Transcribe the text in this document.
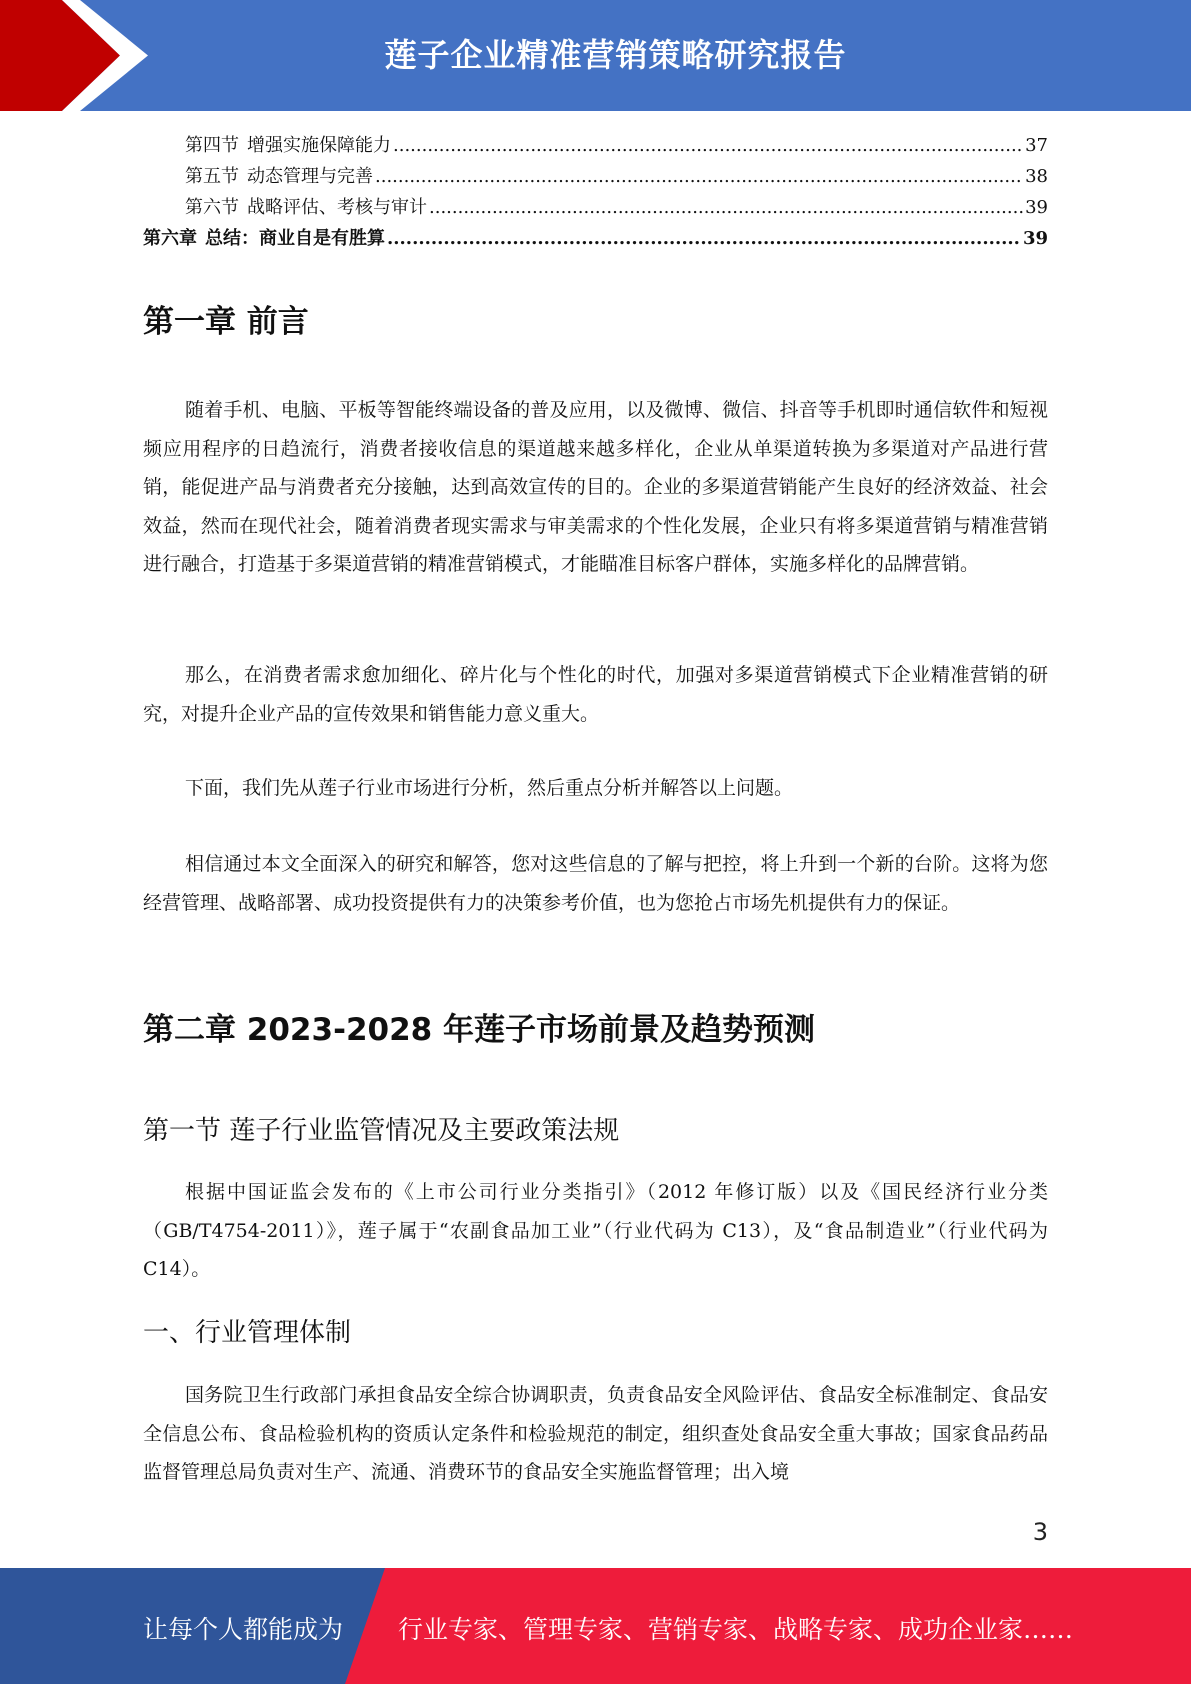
莲子企业精准营销策略研究报告
第四节 增强实施保障能力 .....	37
第五节 动态管理与完善 .....	38
第六节 战略评估、考核与审计 .....	39
第六章 总结：商业自是有胜算 .....	39
第一章 前言

随着手机、电脑、平板等智能终端设备的普及应用，以及微博、微信、抖音等手机即时通信软件和短视频应用程序的日趋流行，消费者接收信息的渠道越来越多样化，企业从单渠道转换为多渠道对产品进行营销，能促进产品与消费者充分接触，达到高效宣传的目的。企业的多渠道营销能产生良好的经济效益、社会效益，然而在现代社会，随着消费者现实需求与审美需求的个性化发展，企业只有将多渠道营销与精准营销进行融合，打造基于多渠道营销的精准营销模式，才能瞄准目标客户群体，实施多样化的品牌营销。

那么，在消费者需求愈加细化、碎片化与个性化的时代，加强对多渠道营销模式下企业精准营销的研究，对提升企业产品的宣传效果和销售能力意义重大。

下面，我们先从莲子行业市场进行分析，然后重点分析并解答以上问题。

相信通过本文全面深入的研究和解答，您对这些信息的了解与把控，将上升到一个新的台阶。这将为您经营管理、战略部署、成功投资提供有力的决策参考价值，也为您抢占市场先机提供有力的保证。

第二章 2023-2028 年莲子市场前景及趋势预测
第一节 莲子行业监管情况及主要政策法规

根据中国证监会发布的《上市公司行业分类指引》（2012 年修订版）以及《国民经济行业分类（GB/T4754-2011）》，莲子属于“农副食品加工业”（行业代码为 C13），及“食品制造业”（行业代码为 C14）。

一、行业管理体制

国务院卫生行政部门承担食品安全综合协调职责，负责食品安全风险评估、食品安全标准制定、食品安全信息公布、食品检验机构的资质认定条件和检验规范的制定，组织查处食品安全重大事故；国家食品药品监督管理总局负责对生产、流通、消费环节的食品安全实施监督管理；出入境

3
让每个人都能成为 行业专家、管理专家、营销专家、战略专家、成功企业家……
